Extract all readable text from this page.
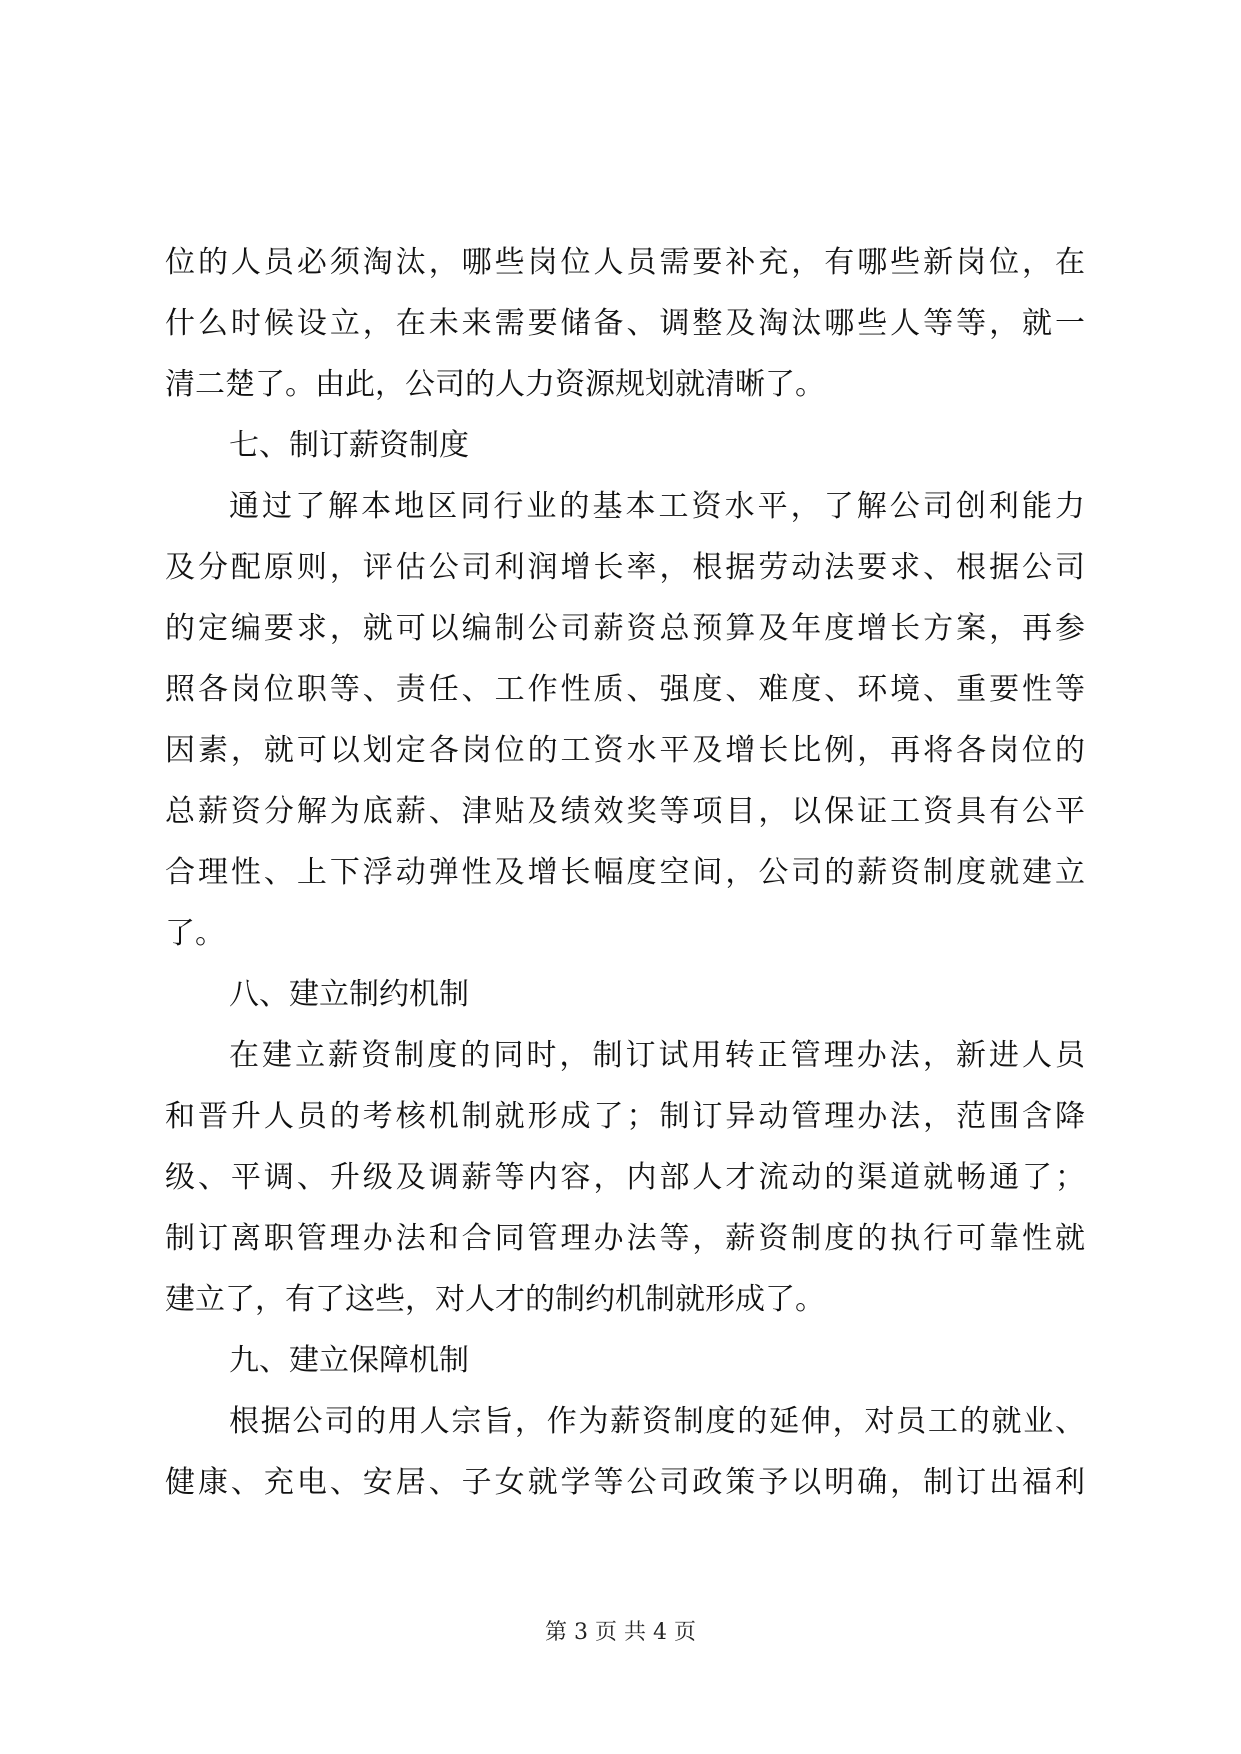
位的人员必须淘汰，哪些岗位人员需要补充，有哪些新岗位，在
什么时候设立，在未来需要储备、调整及淘汰哪些人等等，就一
清二楚了。由此，公司的人力资源规划就清晰了。
七、制订薪资制度
通过了解本地区同行业的基本工资水平，了解公司创利能力
及分配原则，评估公司利润增长率，根据劳动法要求、根据公司
的定编要求，就可以编制公司薪资总预算及年度增长方案，再参
照各岗位职等、责任、工作性质、强度、难度、环境、重要性等
因素，就可以划定各岗位的工资水平及增长比例，再将各岗位的
总薪资分解为底薪、津贴及绩效奖等项目，以保证工资具有公平
合理性、上下浮动弹性及增长幅度空间，公司的薪资制度就建立
了。
八、建立制约机制
在建立薪资制度的同时，制订试用转正管理办法，新进人员
和晋升人员的考核机制就形成了；制订异动管理办法，范围含降
级、平调、升级及调薪等内容，内部人才流动的渠道就畅通了；
制订离职管理办法和合同管理办法等，薪资制度的执行可靠性就
建立了，有了这些，对人才的制约机制就形成了。
九、建立保障机制
根据公司的用人宗旨，作为薪资制度的延伸，对员工的就业、
健康、充电、安居、子女就学等公司政策予以明确，制订出福利
第 3 页 共 4 页
